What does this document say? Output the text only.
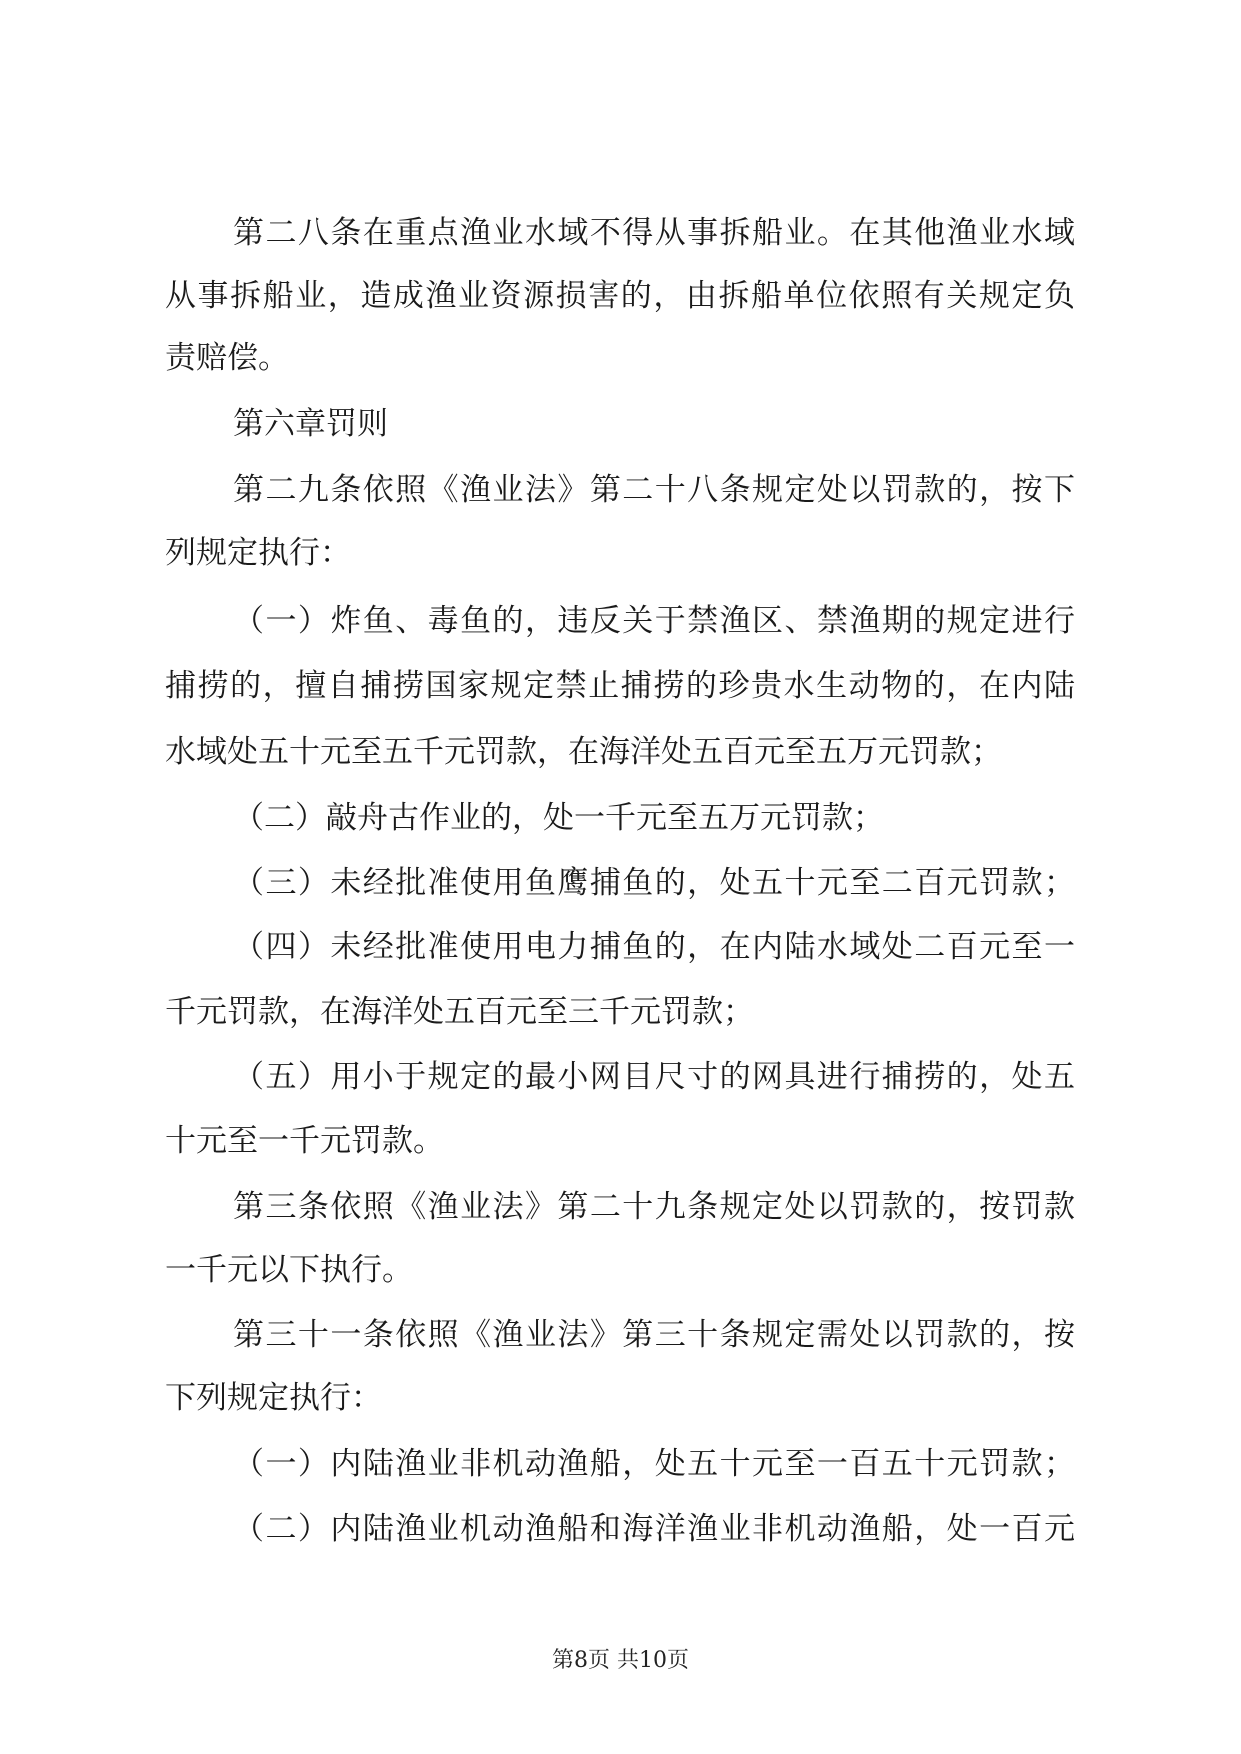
第二八条在重点渔业水域不得从事拆船业。在其他渔业水域
从事拆船业，造成渔业资源损害的，由拆船单位依照有关规定负
责赔偿。
第六章罚则
第二九条依照《渔业法》第二十八条规定处以罚款的，按下
列规定执行：
（一）炸鱼、毒鱼的，违反关于禁渔区、禁渔期的规定进行
捕捞的，擅自捕捞国家规定禁止捕捞的珍贵水生动物的，在内陆
水域处五十元至五千元罚款，在海洋处五百元至五万元罚款；
（二）敲舟古作业的，处一千元至五万元罚款；
（三）未经批准使用鱼鹰捕鱼的，处五十元至二百元罚款；
（四）未经批准使用电力捕鱼的，在内陆水域处二百元至一
千元罚款，在海洋处五百元至三千元罚款；
（五）用小于规定的最小网目尺寸的网具进行捕捞的，处五
十元至一千元罚款。
第三条依照《渔业法》第二十九条规定处以罚款的，按罚款
一千元以下执行。
第三十一条依照《渔业法》第三十条规定需处以罚款的，按
下列规定执行：
（一）内陆渔业非机动渔船，处五十元至一百五十元罚款；
（二）内陆渔业机动渔船和海洋渔业非机动渔船，处一百元
第8页 共10页
